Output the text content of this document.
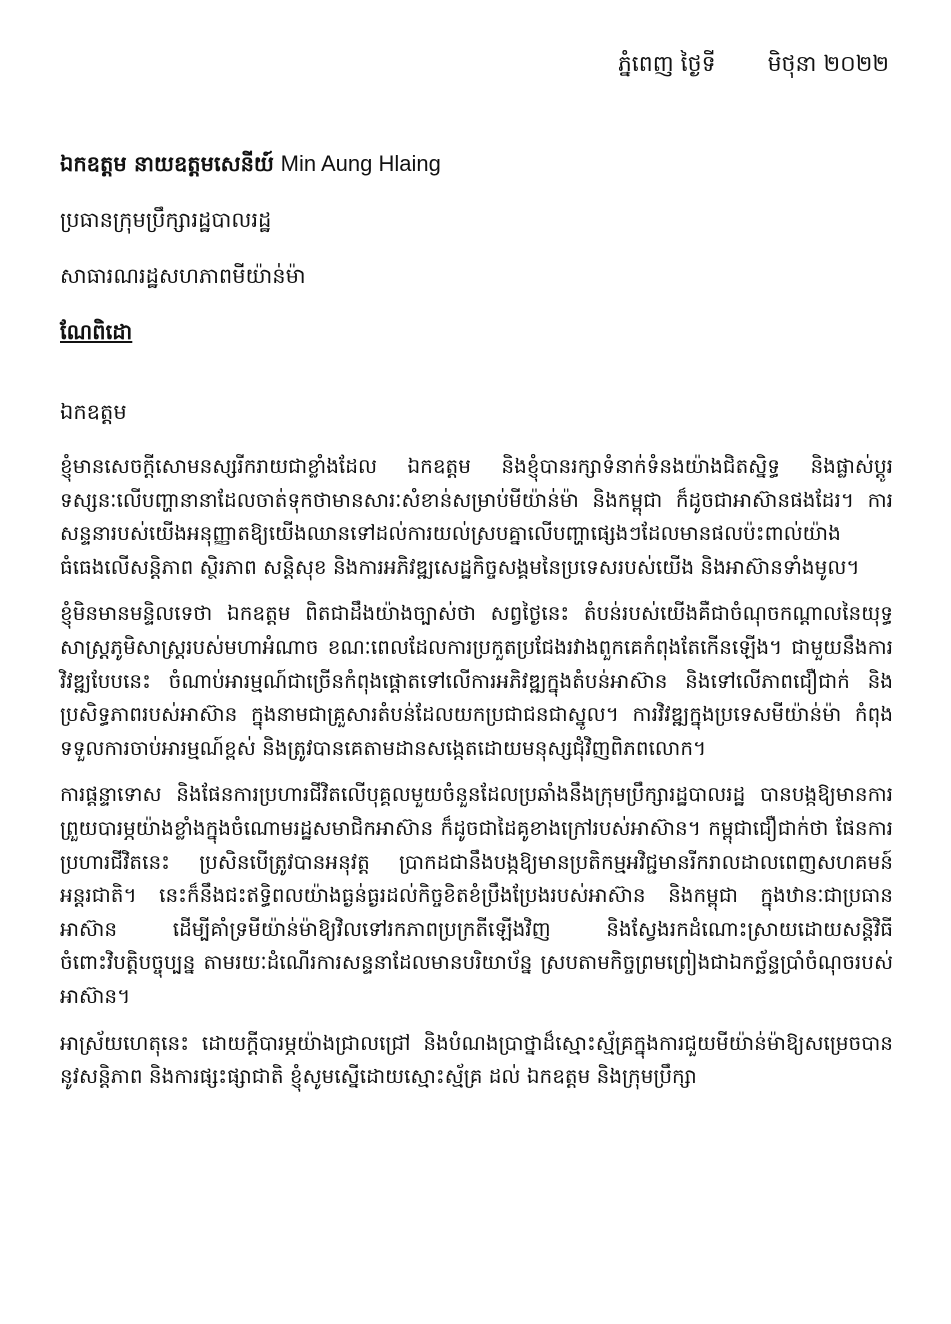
ភ្នំពេញ ថ្ងៃទី មិថុនា ២០២២
ឯកឧត្តម នាយឧត្តមសេនីយ៍ Min Aung Hlaing
ប្រធានក្រុមប្រឹក្សារដ្ឋបាលរដ្ឋ
សាធារណរដ្ឋសហភាពមីយ៉ាន់ម៉ា
ណែពិដោ
ឯកឧត្តម

ខ្ញុំមានសេចក្តីសោមនស្សរីករាយជាខ្លាំងដែល ឯកឧត្តម និងខ្ញុំបានរក្សាទំនាក់ទំនងយ៉ាងជិតស្និទ្ធ និងផ្លាស់ប្តូរទស្សនៈលើបញ្ហានានាដែលចាត់ទុកថាមានសារៈសំខាន់សម្រាប់មីយ៉ាន់ម៉ា និងកម្ពុជា ក៏ដូចជាអាស៊ានផងដែរ។ ការសន្ទនារបស់យើងអនុញ្ញាតឱ្យយើងឈានទៅដល់ការយល់ស្របគ្នាលើបញ្ហាផ្សេងៗដែលមានផលប៉ះពាល់យ៉ាងធំធេងលើសន្តិភាព ស្ថិរភាព សន្តិសុខ និងការអភិវឌ្ឍសេដ្ឋកិច្ចសង្គមនៃប្រទេសរបស់យើង និងអាស៊ានទាំងមូល។

ខ្ញុំមិនមានមន្ទិលទេថា ឯកឧត្តម ពិតជាដឹងយ៉ាងច្បាស់ថា សព្វថ្ងៃនេះ តំបន់របស់យើងគឺជាចំណុចកណ្តាលនៃយុទ្ធសាស្ត្រភូមិសាស្ត្ររបស់មហាអំណាច ខណៈពេលដែលការប្រកួតប្រជែងរវាងពួកគេកំពុងតែកើនឡើង។ ជាមួយនឹងការវិវឌ្ឍបែបនេះ ចំណាប់អារម្មណ៍ជាច្រើនកំពុងផ្តោតទៅលើការអភិវឌ្ឍក្នុងតំបន់អាស៊ាន និងទៅលើភាពជឿជាក់ និងប្រសិទ្ធភាពរបស់អាស៊ាន ក្នុងនាមជាគ្រួសារតំបន់ដែលយកប្រជាជនជាស្នូល។ ការវិវឌ្ឍក្នុងប្រទេសមីយ៉ាន់ម៉ា កំពុងទទួលការចាប់អារម្មណ៍ខ្ពស់ និងត្រូវបានគេតាមដានសង្កេតដោយមនុស្សជុំវិញពិភពលោក។

ការផ្តន្ទាទោស និងផែនការប្រហារជីវិតលើបុគ្គលមួយចំនួនដែលប្រឆាំងនឹងក្រុមប្រឹក្សារដ្ឋបាលរដ្ឋ បានបង្កឱ្យមានការព្រួយបារម្ភយ៉ាងខ្លាំងក្នុងចំណោមរដ្ឋសមាជិកអាស៊ាន ក៏ដូចជាដៃគូខាងក្រៅរបស់អាស៊ាន។ កម្ពុជាជឿជាក់ថា ផែនការប្រហារជីវិតនេះ ប្រសិនបើត្រូវបានអនុវត្ត ប្រាកដជានឹងបង្កឱ្យមានប្រតិកម្មអវិជ្ជមានរីករាលដាលពេញសហគមន៍អន្តរជាតិ។ នេះក៏នឹងជះឥទ្ធិពលយ៉ាងធ្ងន់ធ្ងរដល់កិច្ចខិតខំប្រឹងប្រែងរបស់អាស៊ាន និងកម្ពុជា ក្នុងឋានៈជាប្រធានអាស៊ាន ដើម្បីគាំទ្រមីយ៉ាន់ម៉ាឱ្យវិលទៅរកភាពប្រក្រតីឡើងវិញ និងស្វែងរកដំណោះស្រាយដោយសន្តិវិធីចំពោះវិបត្តិបច្ចុប្បន្ន តាមរយៈដំណើរការសន្ទនាដែលមានបរិយាប័ន្ន ស្របតាមកិច្ចព្រមព្រៀងជាឯកច្ឆ័ន្ទប្រាំចំណុចរបស់អាស៊ាន។

អាស្រ័យហេតុនេះ ដោយក្តីបារម្ភយ៉ាងជ្រាលជ្រៅ និងបំណងប្រាថ្នាដ៏ស្មោះស្ម័គ្រក្នុងការជួយមីយ៉ាន់ម៉ាឱ្យសម្រេចបាននូវសន្តិភាព និងការផ្សះផ្សាជាតិ ខ្ញុំសូមស្នើដោយស្មោះស្ម័គ្រ ដល់ ឯកឧត្តម និងក្រុមប្រឹក្សា
